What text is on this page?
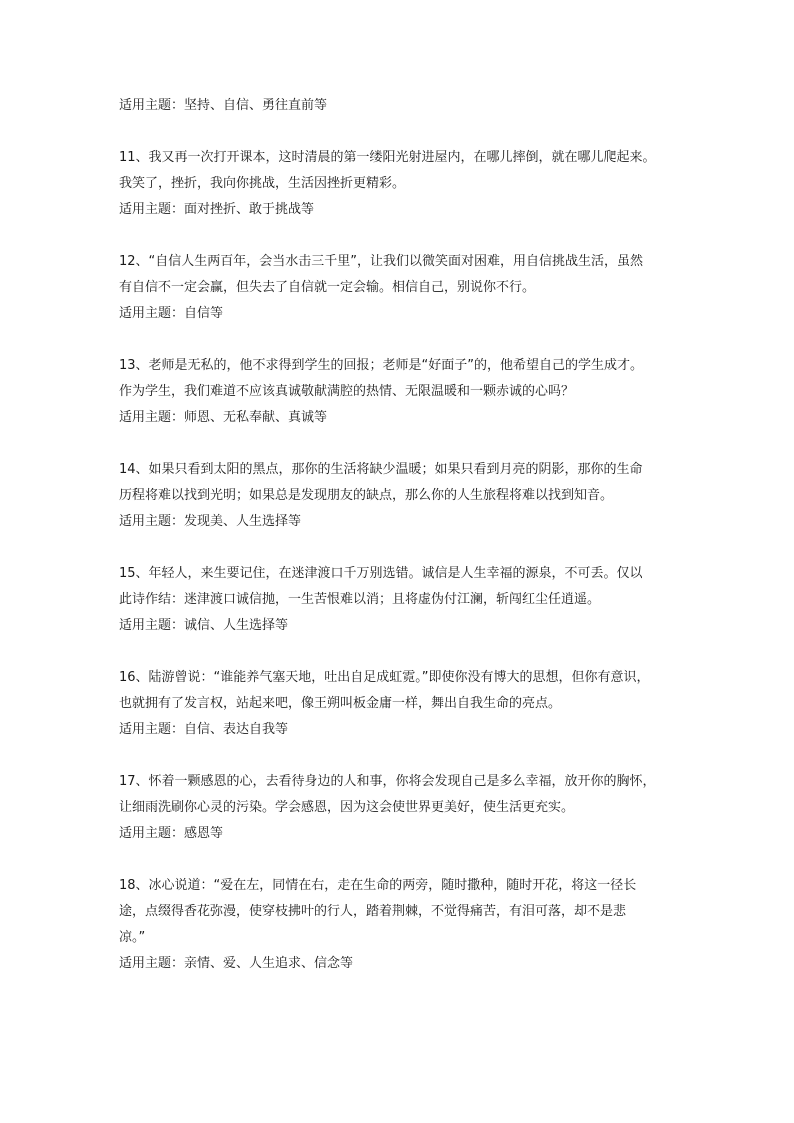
适用主题：坚持、自信、勇往直前等
11、我又再一次打开课本，这时清晨的第一缕阳光射进屋内，在哪儿摔倒，就在哪儿爬起来。
我笑了，挫折，我向你挑战，生活因挫折更精彩。
适用主题：面对挫折、敢于挑战等
12、“自信人生两百年，会当水击三千里”，让我们以微笑面对困难，用自信挑战生活，虽然
有自信不一定会赢，但失去了自信就一定会输。相信自己，别说你不行。
适用主题：自信等
13、老师是无私的，他不求得到学生的回报；老师是“好面子”的，他希望自己的学生成才。
作为学生，我们难道不应该真诚敬献满腔的热情、无限温暖和一颗赤诚的心吗？
适用主题：师恩、无私奉献、真诚等
14、如果只看到太阳的黑点，那你的生活将缺少温暖；如果只看到月亮的阴影，那你的生命
历程将难以找到光明；如果总是发现朋友的缺点，那么你的人生旅程将难以找到知音。
适用主题：发现美、人生选择等
15、年轻人，来生要记住，在迷津渡口千万别选错。诚信是人生幸福的源泉，不可丢。仅以
此诗作结：迷津渡口诚信抛，一生苦恨难以消；且将虚伪付江澜，斩闯红尘任逍遥。
适用主题：诚信、人生选择等
16、陆游曾说：“谁能养气塞天地，吐出自足成虹霓。”即使你没有博大的思想，但你有意识，
也就拥有了发言权，站起来吧，像王朔叫板金庸一样，舞出自我生命的亮点。
适用主题：自信、表达自我等
17、怀着一颗感恩的心，去看待身边的人和事，你将会发现自己是多么幸福，放开你的胸怀，
让细雨洗刷你心灵的污染。学会感恩，因为这会使世界更美好，使生活更充实。
适用主题：感恩等
18、冰心说道：“爱在左，同情在右，走在生命的两旁，随时撒种，随时开花，将这一径长
途，点缀得香花弥漫，使穿枝拂叶的行人，踏着荆棘，不觉得痛苦，有泪可落，却不是悲
凉。”
适用主题：亲情、爱、人生追求、信念等
